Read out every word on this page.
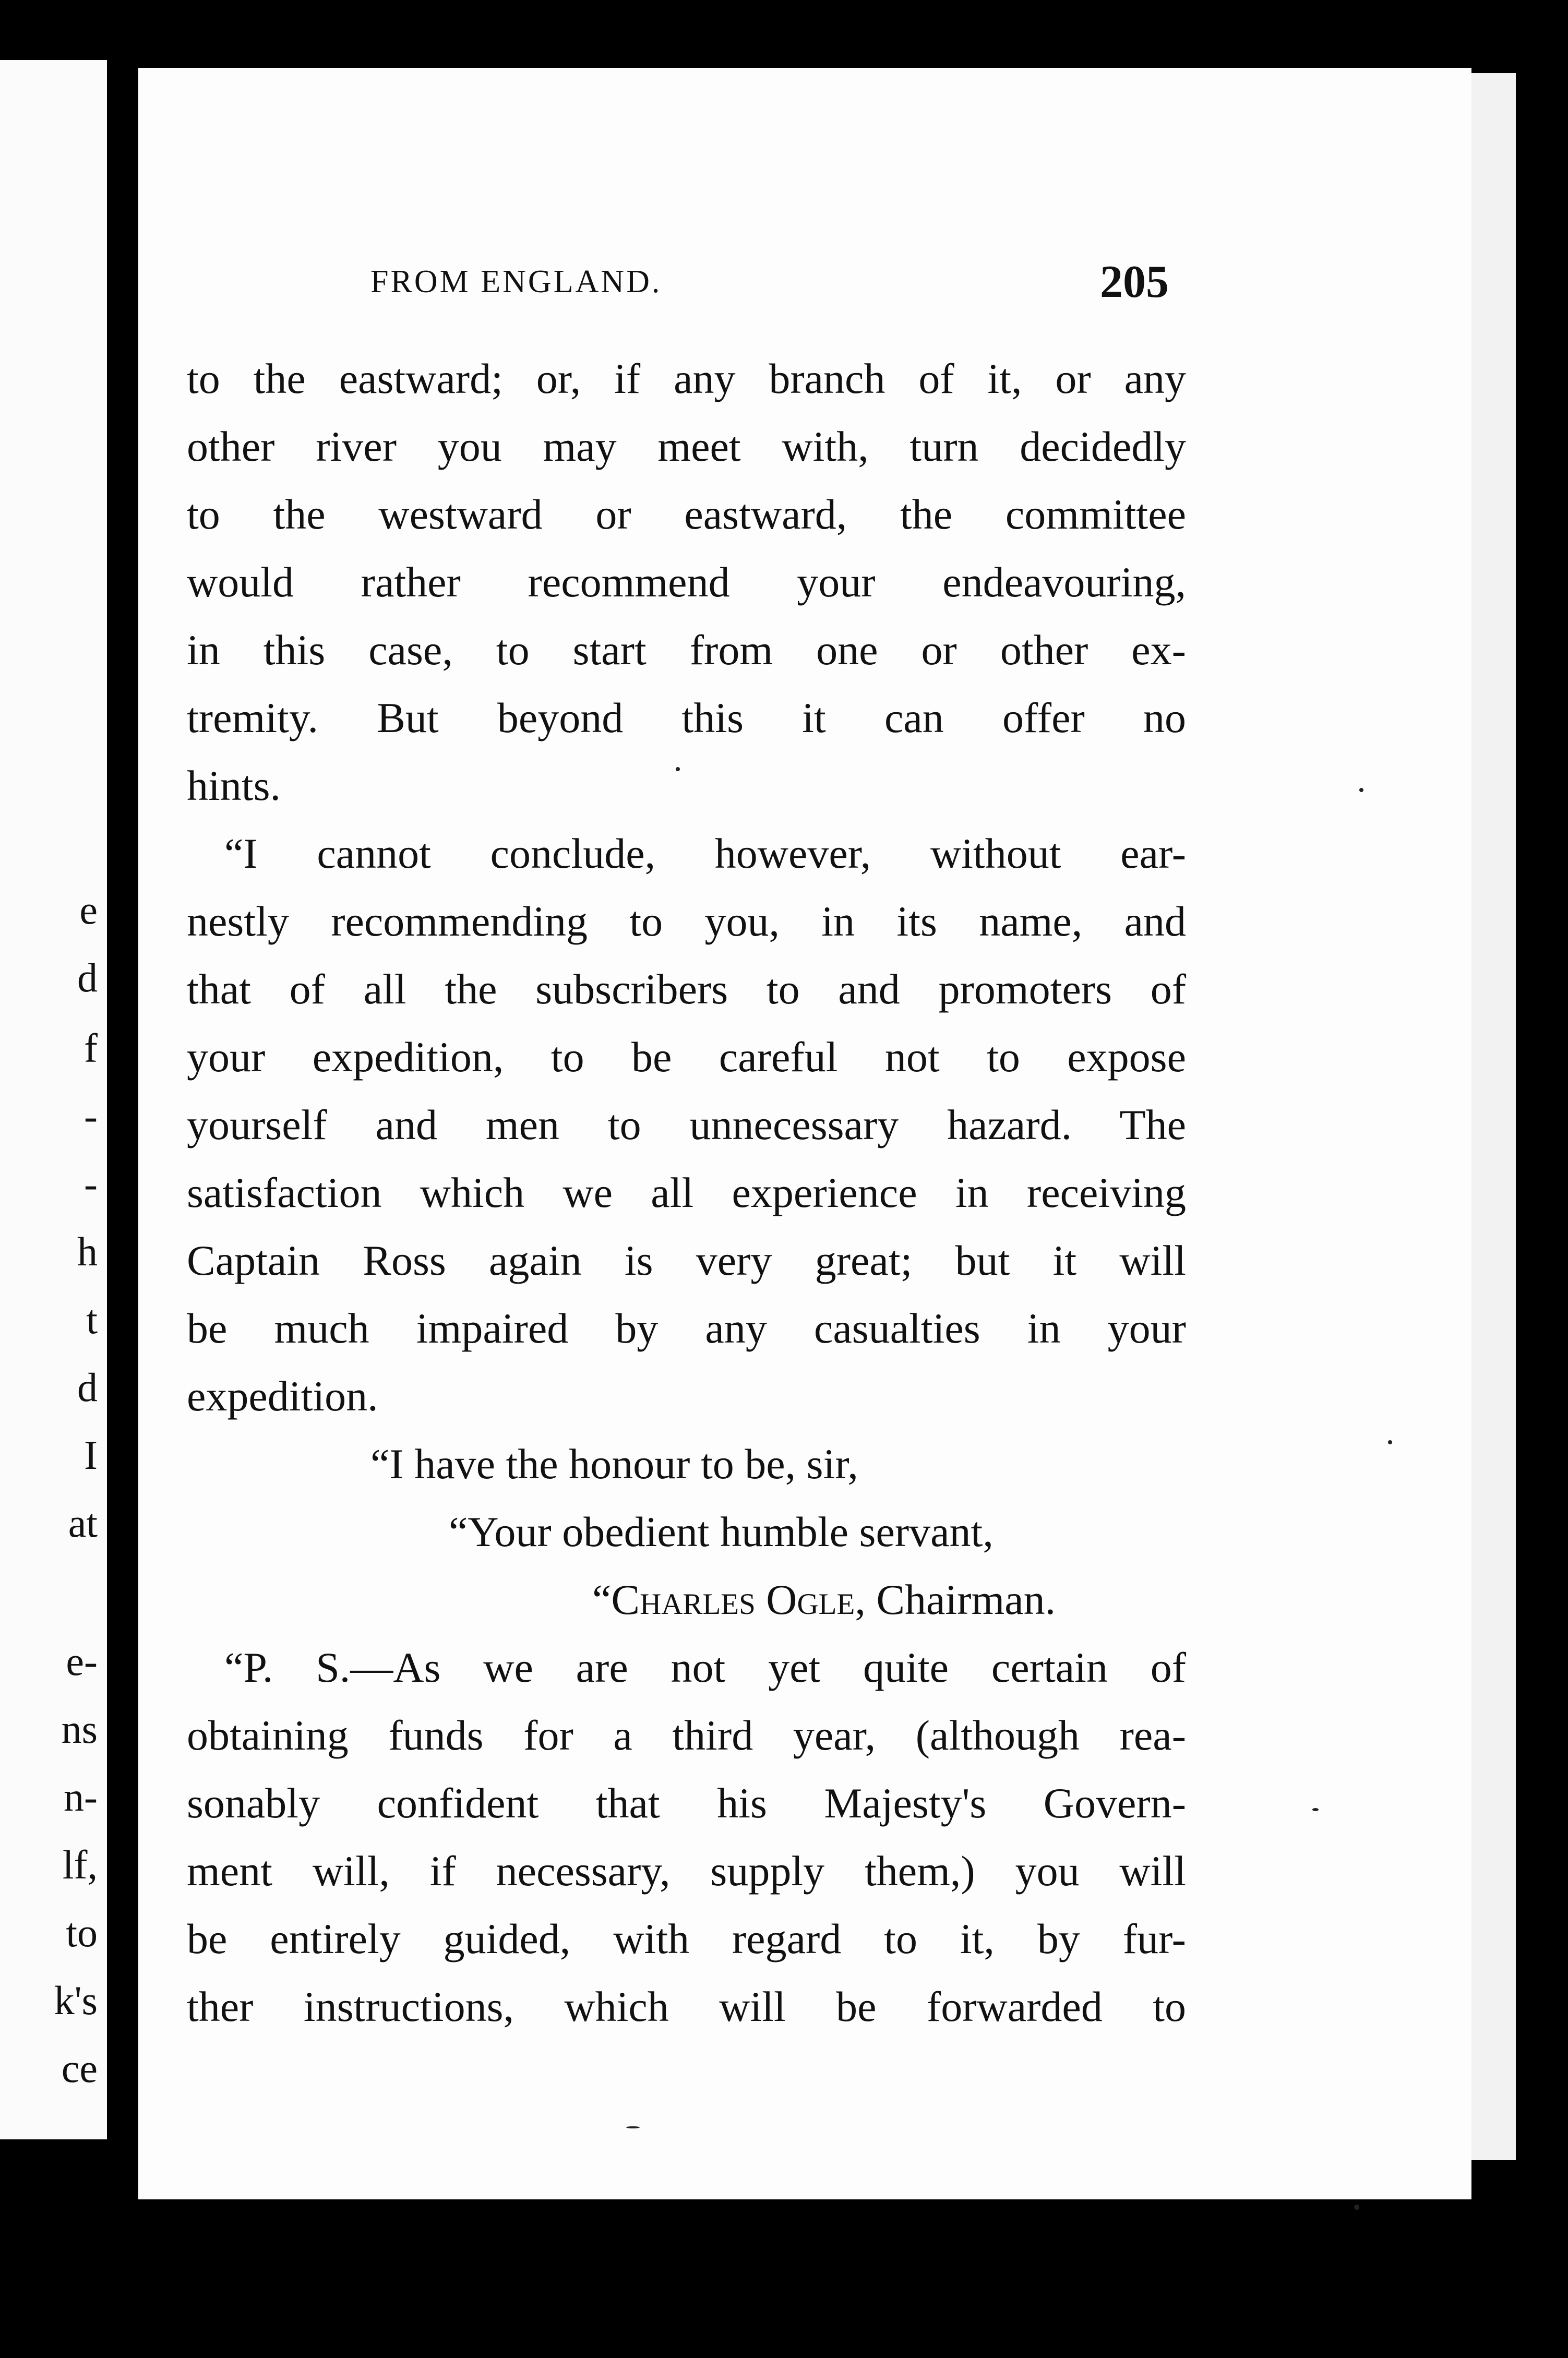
e
d
f
-
-
h
t
d
I
at
e-
ns
n-
lf,
to
k's
ce
FROM ENGLAND.	205
to the eastward; or, if any branch of it, or any
other river you may meet with, turn decidedly
to the westward or eastward, the committee
would rather recommend your endeavouring,
in this case, to start from one or other ex-
tremity. But beyond this it can offer no
hints.
“I cannot conclude, however, without ear-
nestly recommending to you, in its name, and
that of all the subscribers to and promoters of
your expedition, to be careful not to expose
yourself and men to unnecessary hazard. The
satisfaction which we all experience in receiving
Captain Ross again is very great; but it will
be much impaired by any casualties in your
expedition.
“I have the honour to be, sir,
“Your obedient humble servant,
“Charles Ogle, Chairman.
“P. S.—As we are not yet quite certain of
obtaining funds for a third year, (although rea-
sonably confident that his Majesty's Govern-
ment will, if necessary, supply them,) you will
be entirely guided, with regard to it, by fur-
ther instructions, which will be forwarded to
